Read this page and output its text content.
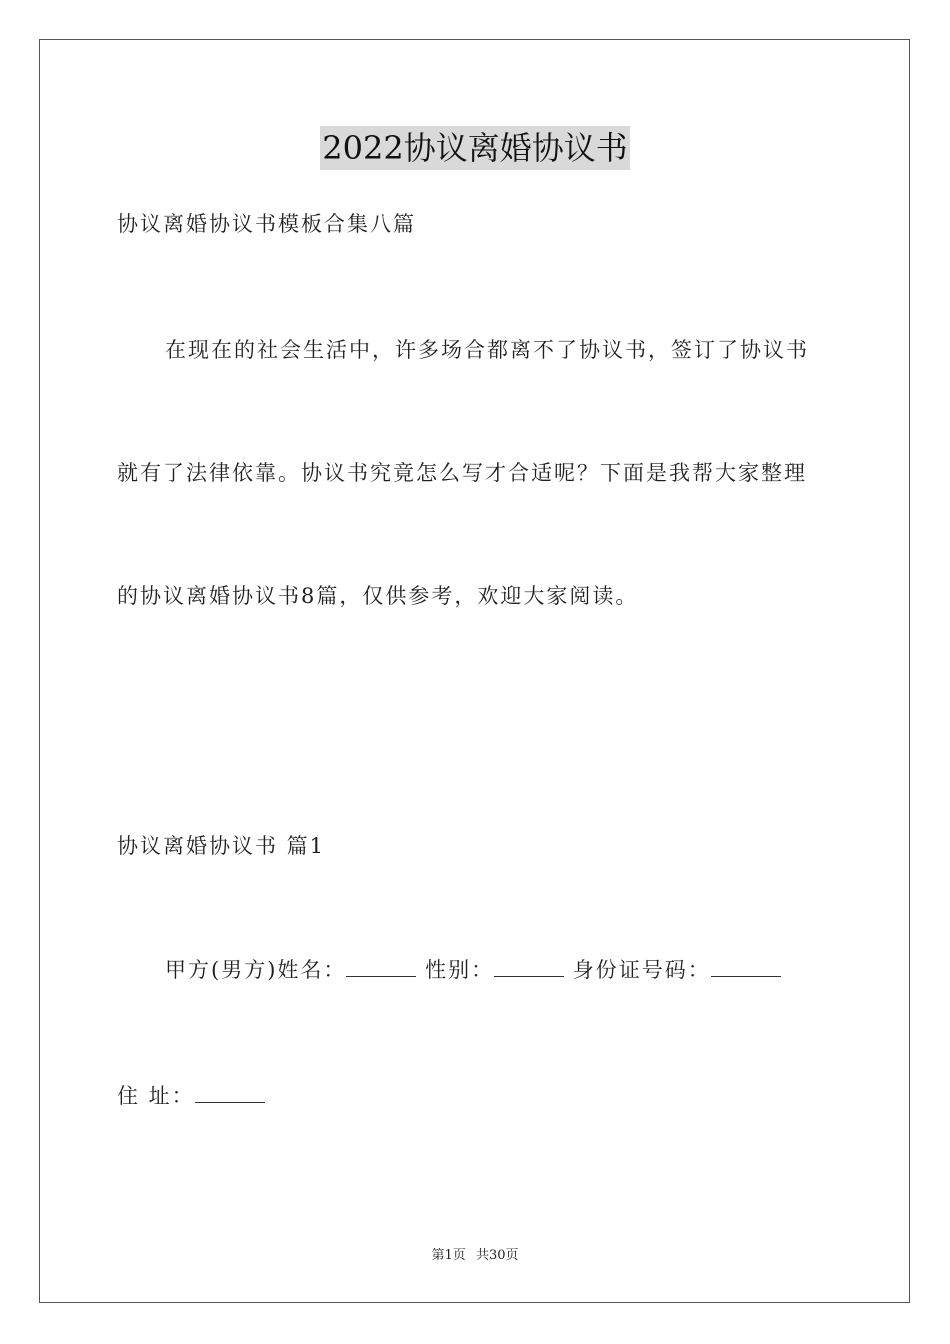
2022协议离婚协议书
协议离婚协议书模板合集八篇
在现在的社会生活中，许多场合都离不了协议书，签订了协议书
就有了法律依靠。协议书究竟怎么写才合适呢？下面是我帮大家整理
的协议离婚协议书8篇，仅供参考，欢迎大家阅读。
协议离婚协议书 篇1
甲方(男方)姓名：	性别：	身份证号码：
住 址：
第1页 共30页
